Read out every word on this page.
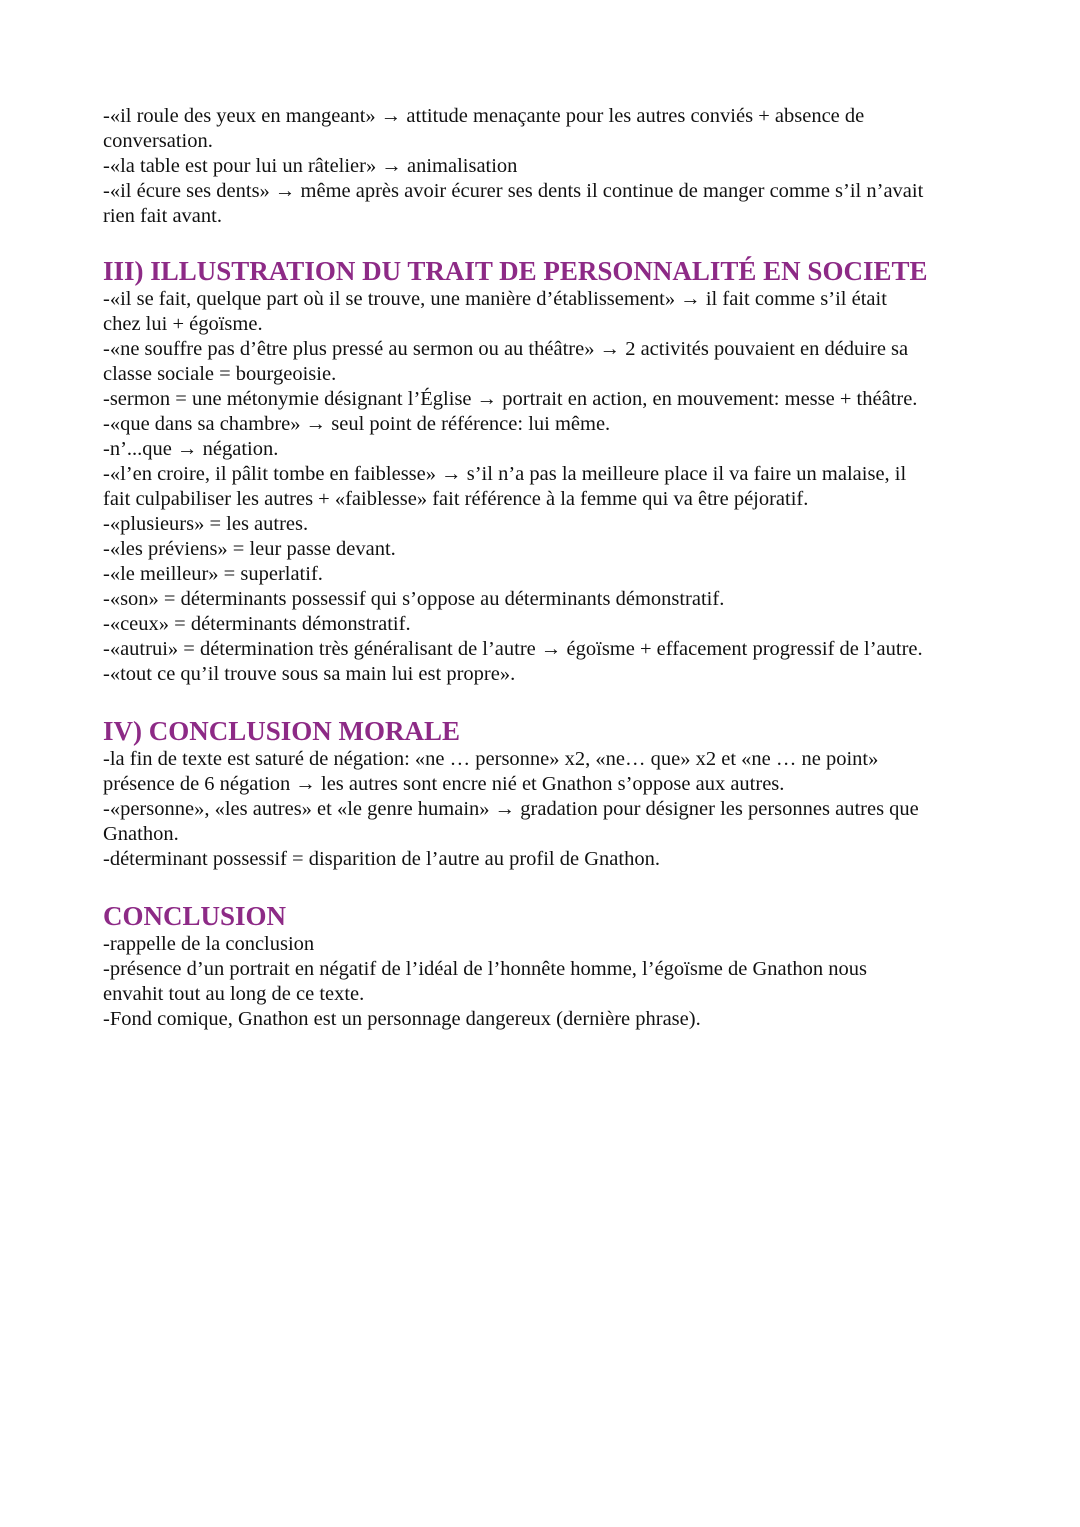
-«il roule des yeux en mangeant» → attitude menaçante pour les autres conviés + absence de

conversation.

-«la table est pour lui un râtelier» → animalisation

-«il écure ses dents» → même après avoir écurer ses dents il continue de manger comme s’il n’avait

rien fait avant.

III) ILLUSTRATION DU TRAIT DE PERSONNALITÉ EN SOCIETE

-«il se fait, quelque part où il se trouve, une manière d’établissement» → il fait comme s’il était

chez lui + égoïsme.

-«ne souffre pas d’être plus pressé au sermon ou au théâtre» → 2 activités pouvaient en déduire sa

classe sociale = bourgeoisie.

-sermon = une métonymie désignant l’Église → portrait en action, en mouvement: messe + théâtre.

-«que dans sa chambre» → seul point de référence: lui même.

-n’...que → négation.

-«l’en croire, il pâlit tombe en faiblesse» → s’il n’a pas la meilleure place il va faire un malaise, il

fait culpabiliser les autres + «faiblesse» fait référence à la femme qui va être péjoratif.

-«plusieurs» = les autres.

-«les préviens» = leur passe devant.

-«le meilleur» = superlatif.

-«son» = déterminants possessif qui s’oppose au déterminants démonstratif.

-«ceux» = déterminants démonstratif.

-«autrui» = détermination très généralisant de l’autre → égoïsme + effacement progressif de l’autre.

-«tout ce qu’il trouve sous sa main lui est propre».

IV) CONCLUSION MORALE

-la fin de texte est saturé de négation: «ne … personne» x2, «ne… que» x2 et «ne … ne point»

présence de 6 négation → les autres sont encre nié et Gnathon s’oppose aux autres.

-«personne», «les autres» et «le genre humain» → gradation pour désigner les personnes autres que

Gnathon.

-déterminant possessif = disparition de l’autre au profil de Gnathon.

CONCLUSION

-rappelle de la conclusion

-présence d’un portrait en négatif de l’idéal de l’honnête homme, l’égoïsme de Gnathon nous

envahit tout au long de ce texte.

-Fond comique, Gnathon est un personnage dangereux (dernière phrase).
